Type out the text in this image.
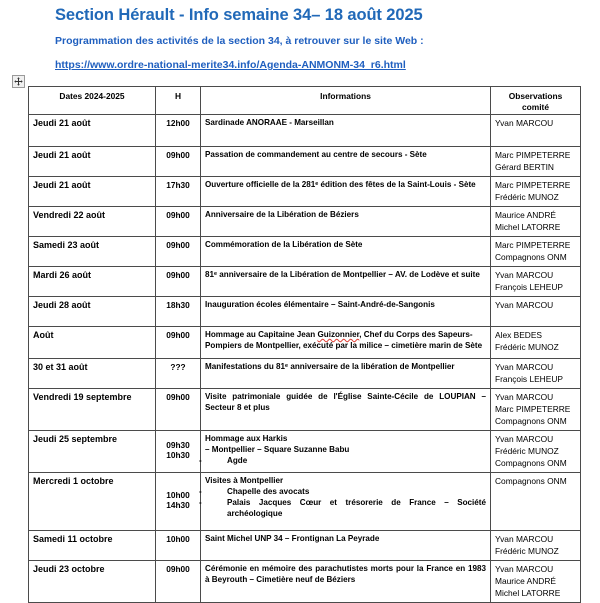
Section Hérault - Info semaine 34– 18 août 2025
Programmation des activités de la section 34, à retrouver sur le site Web :
https://www.ordre-national-merite34.info/Agenda-ANMONM-34_r6.html
Dates 2024-2025	H	Informations	Observations
comité
Jeudi 21 août	12h00	Sardinade ANORAAE - Marseillan	Yvan MARCOU

Jeudi 21 août	09h00	Passation de commandement au centre de secours - Sète	Marc PIMPETERRE
Gérard BERTIN

Jeudi 21 août	17h30	Ouverture officielle de la 281ᵉ édition des fêtes de la Saint-Louis - Sète	Marc PIMPETERRE
Frédéric MUNOZ

Vendredi 22 août	09h00	Anniversaire de la Libération de Béziers	Maurice ANDRÉ
Michel LATORRE

Samedi 23 août	09h00	Commémoration de la Libération de Sète	Marc PIMPETERRE
Compagnons ONM

Mardi 26 août	09h00	81ᵉ anniversaire de la Libération de Montpellier – AV. de Lodève et suite	Yvan MARCOU
François LEHEUP

Jeudi 28 août	18h30	Inauguration écoles élémentaire – Saint-André-de-Sangonis	Yvan MARCOU

Août	09h00	Hommage au Capitaine Jean Guizonnier, Chef du Corps des Sapeurs-Pompiers de Montpellier, exécuté par la milice – cimetière marin de Sète	Alex BEDES
Frédéric MUNOZ

30 et 31 août	???	Manifestations du 81ᵉ anniversaire de la libération de Montpellier	Yvan MARCOU
François LEHEUP

Vendredi 19 septembre	09h00	Visite patrimoniale guidée de l'Église Sainte-Cécile de LOUPIAN – Secteur 8 et plus	Yvan MARCOU
Marc PIMPETERRE
Compagnons ONM

Jeudi 25 septembre	09h30
10h30	Hommage aux Harkis
– Montpellier – Square Suzanne Babu
- Agde	Yvan MARCOU
Frédéric MUNOZ
Compagnons ONM

Mercredi 1 octobre	10h00
14h30	Visites à Montpellier
- Chapelle des avocats
- Palais Jacques Cœur et trésorerie de France – Société archéologique	Compagnons ONM

Samedi 11 octobre	10h00	Saint Michel UNP 34 – Frontignan La Peyrade	Yvan MARCOU
Frédéric MUNOZ

Jeudi 23 octobre	09h00	Cérémonie en mémoire des parachutistes morts pour la France en 1983 à Beyrouth – Cimetière neuf de Béziers	Yvan MARCOU
Maurice ANDRÉ
Michel LATORRE
